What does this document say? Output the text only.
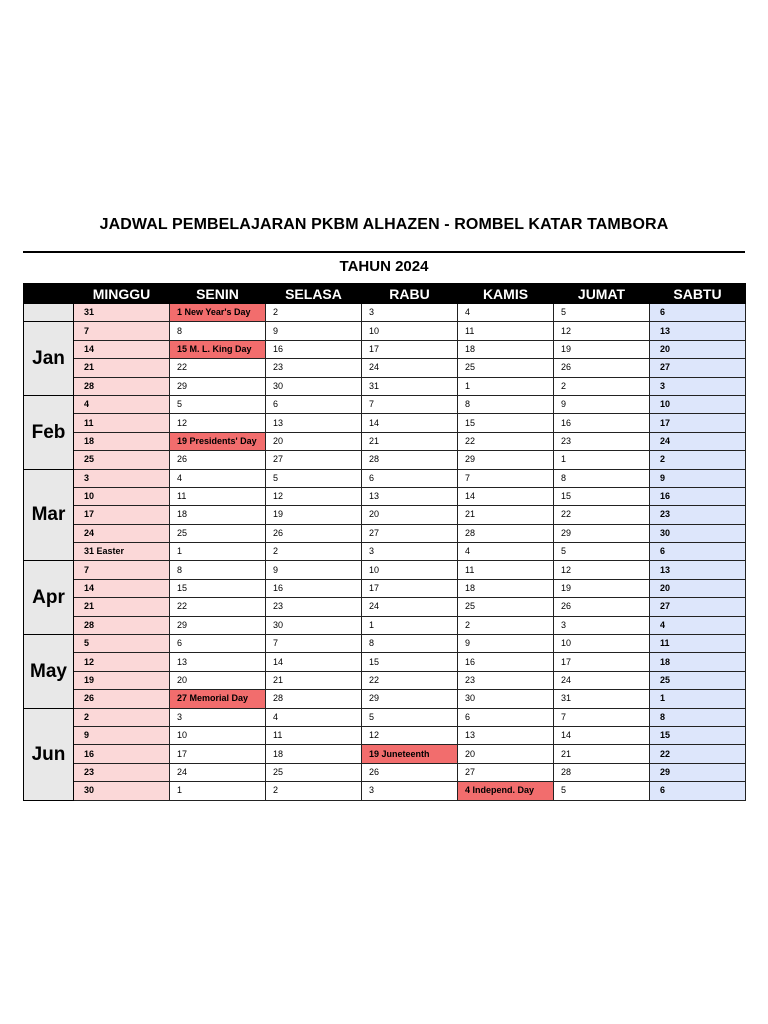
JADWAL PEMBELAJARAN PKBM ALHAZEN - ROMBEL KATAR TAMBORA
TAHUN 2024
	MINGGU	SENIN	SELASA	RABU	KAMIS	JUMAT	SABTU
	31	1 New Year's Day	2	3	4	5	6
Jan	7	8	9	10	11	12	13
	14	15 M. L. King Day	16	17	18	19	20
	21	22	23	24	25	26	27
	28	29	30	31	1	2	3
Feb	4	5	6	7	8	9	10
	11	12	13	14	15	16	17
	18	19 Presidents' Day	20	21	22	23	24
	25	26	27	28	29	1	2
Mar	3	4	5	6	7	8	9
	10	11	12	13	14	15	16
	17	18	19	20	21	22	23
	24	25	26	27	28	29	30
	31 Easter	1	2	3	4	5	6
Apr	7	8	9	10	11	12	13
	14	15	16	17	18	19	20
	21	22	23	24	25	26	27
	28	29	30	1	2	3	4
May	5	6	7	8	9	10	11
	12	13	14	15	16	17	18
	19	20	21	22	23	24	25
	26	27 Memorial Day	28	29	30	31	1
Jun	2	3	4	5	6	7	8
	9	10	11	12	13	14	15
	16	17	18	19 Juneteenth	20	21	22
	23	24	25	26	27	28	29
	30	1	2	3	4 Independ. Day	5	6
